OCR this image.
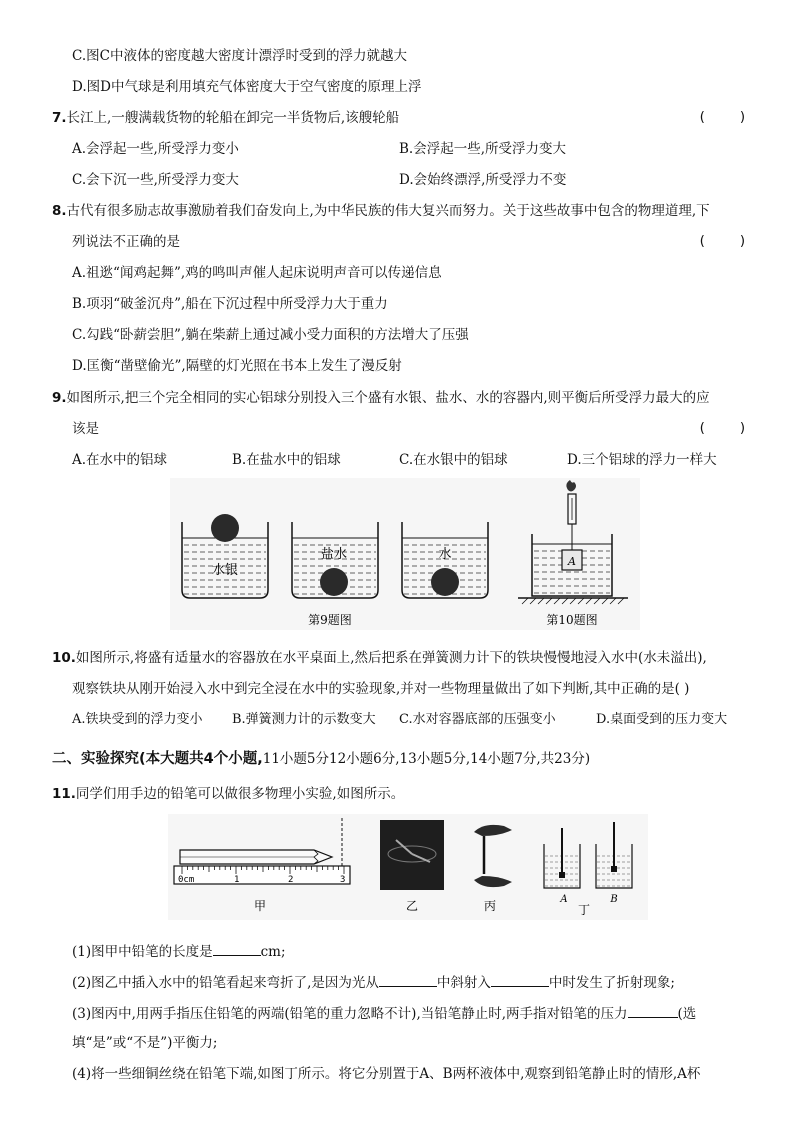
C.图C中液体的密度越大密度计漂浮时受到的浮力就越大
D.图D中气球是利用填充气体密度大于空气密度的原理上浮
7.长江上,一艘满载货物的轮船在卸完一半货物后,该艘轮船	(    )
A.会浮起一些,所受浮力变小	B.会浮起一些,所受浮力变大
C.会下沉一些,所受浮力变大	D.会始终漂浮,所受浮力不变
8.古代有很多励志故事激励着我们奋发向上,为中华民族的伟大复兴而努力。关于这些故事中包含的物理道理,下
列说法不正确的是	(    )
A.祖逖“闻鸡起舞”,鸡的鸣叫声催人起床说明声音可以传递信息
B.项羽“破釜沉舟”,船在下沉过程中所受浮力大于重力
C.勾践“卧薪尝胆”,躺在柴薪上通过减小受力面积的方法增大了压强
D.匡衡“凿壁偷光”,隔壁的灯光照在书本上发生了漫反射
9.如图所示,把三个完全相同的实心铝球分别投入三个盛有水银、盐水、水的容器内,则平衡后所受浮力最大的应
该是	(    )
A.在水中的铝球	B.在盐水中的铝球	C.在水银中的铝球	D.三个铝球的浮力一样大
水银
盐水	水
第9题图
A
第10题图
10.如图所示,将盛有适量水的容器放在水平桌面上,然后把系在弹簧测力计下的铁块慢慢地浸入水中(水未溢出),
观察铁块从刚开始浸入水中到完全浸在水中的实验现象,并对一些物理量做出了如下判断,其中正确的是( )
A.铁块受到的浮力变小 B.弹簧测力计的示数变大 C.水对容器底部的压强变小	D.桌面受到的压力变大
二、实验探究(本大题共4个小题,11小题5分12小题6分,13小题5分,14小题7分,共23分)
11.同学们用手边的铅笔可以做很多物理小实验,如图所示。
0cm	1	2	3
甲	乙	丙	A	B
丁
(1)图甲中铅笔的长度是	cm;
(2)图乙中插入水中的铅笔看起来弯折了,是因为光从	中斜射入	中时发生了折射现象;
(3)图丙中,用两手指压住铅笔的两端(铅笔的重力忽略不计),当铅笔静止时,两手指对铅笔的压力	(选
填“是”或“不是”)平衡力;
(4)将一些细铜丝绕在铅笔下端,如图丁所示。将它分别置于A、B两杯液体中,观察到铅笔静止时的情形,A杯
